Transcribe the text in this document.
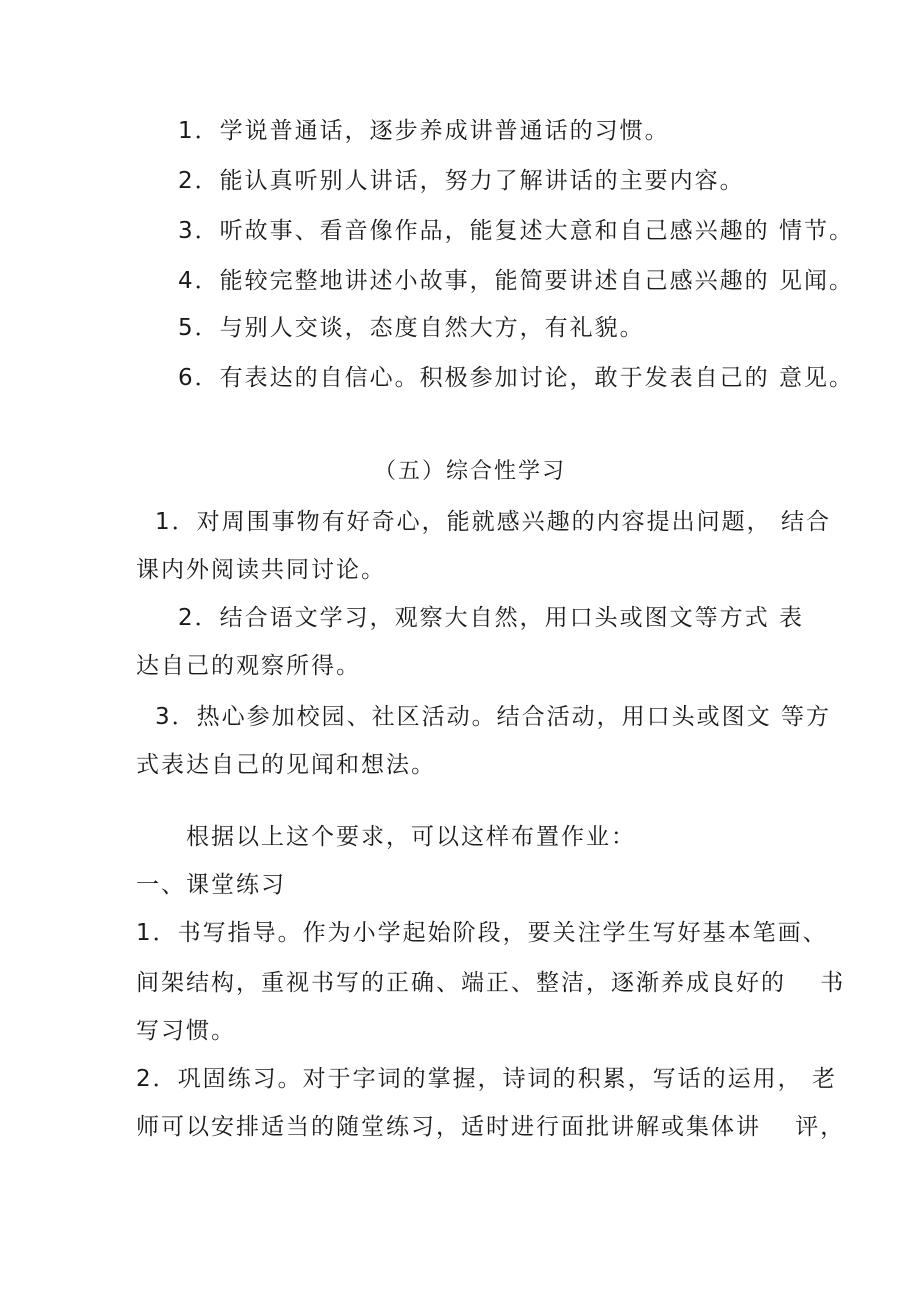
1．学说普通话，逐步养成讲普通话的习惯。
2．能认真听别人讲话，努力了解讲话的主要内容。
3．听故事、看音像作品，能复述大意和自己感兴趣的 情节。
4．能较完整地讲述小故事，能简要讲述自己感兴趣的 见闻。
5．与别人交谈，态度自然大方，有礼貌。
6．有表达的自信心。积极参加讨论，敢于发表自己的 意见。
（五）综合性学习
1．对周围事物有好奇心，能就感兴趣的内容提出问题， 结合
课内外阅读共同讨论。
2．结合语文学习，观察大自然，用口头或图文等方式 表
达自己的观察所得。
3．热心参加校园、社区活动。结合活动，用口头或图文 等方
式表达自己的见闻和想法。
根据以上这个要求，可以这样布置作业：
一、课堂练习
1．书写指导。作为小学起始阶段，要关注学生写好基本笔画、
间架结构，重视书写的正确、端正、整洁，逐渐养成良好的　 书
写习惯。
2．巩固练习。对于字词的掌握，诗词的积累，写话的运用， 老
师可以安排适当的随堂练习，适时进行面批讲解或集体讲　 评，
